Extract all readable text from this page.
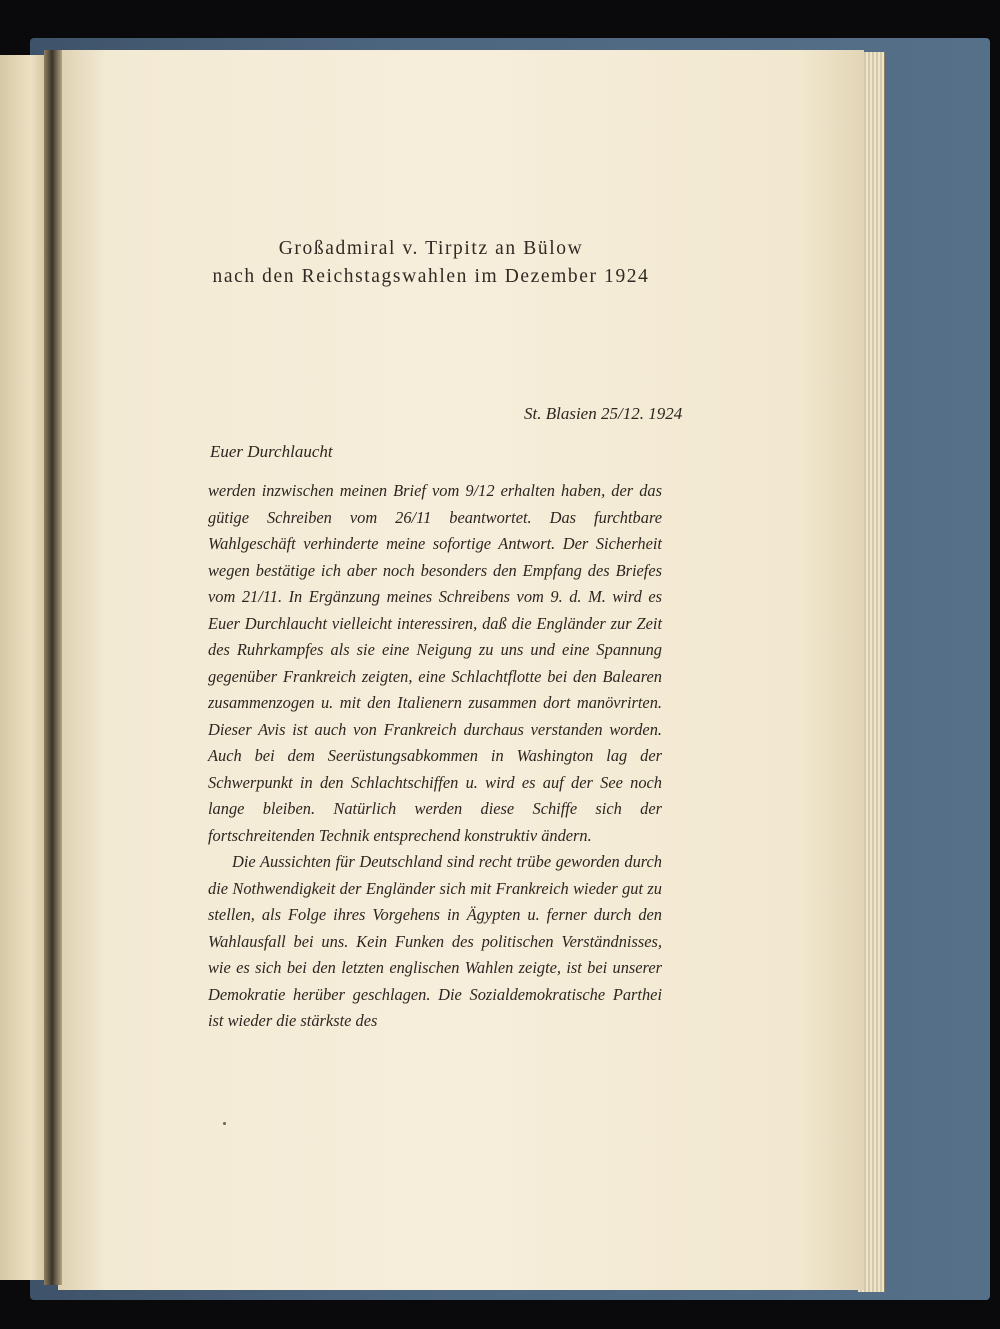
Großadmiral v. Tirpitz an Bülow
nach den Reichstagswahlen im Dezember 1924
St. Blasien 25/12. 1924
Euer Durchlaucht

werden inzwischen meinen Brief vom 9/12 erhalten haben, der das gütige Schreiben vom 26/11 beantwortet. Das furchtbare Wahlgeschäft verhinderte meine sofortige Antwort. Der Sicherheit wegen bestätige ich aber noch besonders den Empfang des Briefes vom 21/11. In Ergänzung meines Schreibens vom 9. d. M. wird es Euer Durchlaucht vielleicht interessiren, daß die Engländer zur Zeit des Ruhrkampfes als sie eine Neigung zu uns und eine Spannung gegenüber Frankreich zeigten, eine Schlachtflotte bei den Balearen zusammenzogen u. mit den Italienern zusammen dort manövrirten. Dieser Avis ist auch von Frankreich durchaus verstanden worden. Auch bei dem Seerüstungsabkommen in Washington lag der Schwerpunkt in den Schlachtschiffen u. wird es auf der See noch lange bleiben. Natürlich werden diese Schiffe sich der fortschreitenden Technik entsprechend konstruktiv ändern.

Die Aussichten für Deutschland sind recht trübe geworden durch die Nothwendigkeit der Engländer sich mit Frankreich wieder gut zu stellen, als Folge ihres Vorgehens in Ägypten u. ferner durch den Wahlausfall bei uns. Kein Funken des politischen Verständnisses, wie es sich bei den letzten englischen Wahlen zeigte, ist bei unserer Demokratie herüber geschlagen. Die Sozialdemokratische Parthei ist wieder die stärkste des
